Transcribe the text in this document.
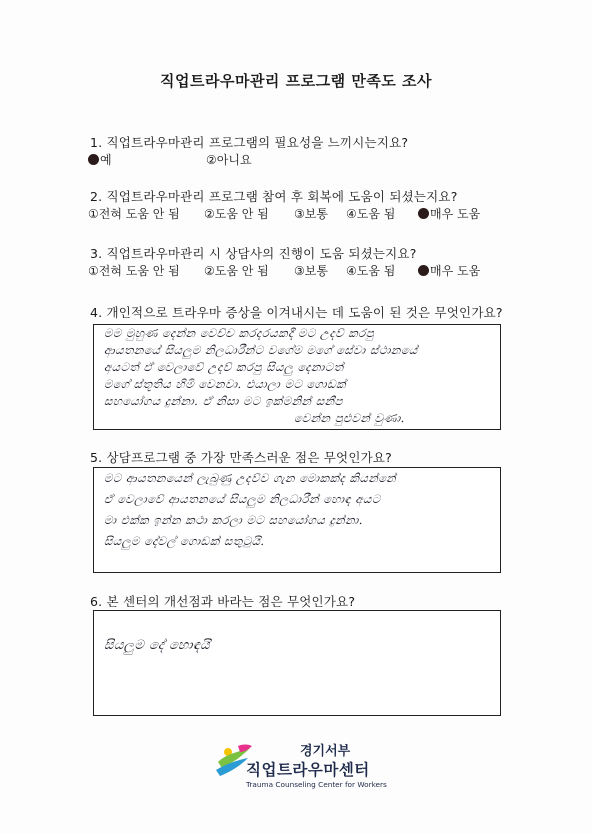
직업트라우마관리 프로그램 만족도 조사
1. 직업트라우마관리 프로그램의 필요성을 느끼시는지요?
예	②아니요
2. 직업트라우마관리 프로그램 참여 후 회복에 도움이 되셨는지요?
①전혀 도움 안 됨 ②도움 안 됨 ③보통 ④도움 됨	매우 도움
3. 직업트라우마관리 시 상담사의 진행이 도움 되셨는지요?
①전혀 도움 안 됨 ②도움 안 됨 ③보통 ④도움 됨	매우 도움
4. 개인적으로 트라우마 증상을 이겨내시는 데 도움이 된 것은 무엇인가요?
මම මුහුණ දෙන්න වෙච්ච කරදරයකදී මට උදව් කරපු
ආයතනයේ සියලුම නිලධාරීන්ට වගේම මගේ සේවා ස්ථානයේ
අයටත් ඒ වෙලාවේ උදව් කරපු සියලු දෙනාටත්
මගේ ස්තූතිය හිමි වෙනවා. එයාලා මට ගොඩක්
සහයෝගය දුන්නා. ඒ නිසා මට ඉක්මනින් සනීප
වෙන්න පුළුවන් වුණා.
5. 상담프로그램 중 가장 만족스러운 점은 무엇인가요?
මට ආයතනයෙන් ලැබුණු උදව්ව ගැන මොකක්ද කියන්නේ
ඒ වෙලාවේ ආයතනයේ සියලුම නිලධාරීන් හොඳ අයට
මා එක්ක ඉන්න කථා කරලා මට සහයෝගය දුන්නා.
සියලුම දේවල් ගොඩක් සතුටුයි.
6. 본 센터의 개선점과 바라는 점은 무엇인가요?
සියලුම දේ හොඳයි
경기서부
직업트라우마센터
Trauma Counseling Center for Workers
